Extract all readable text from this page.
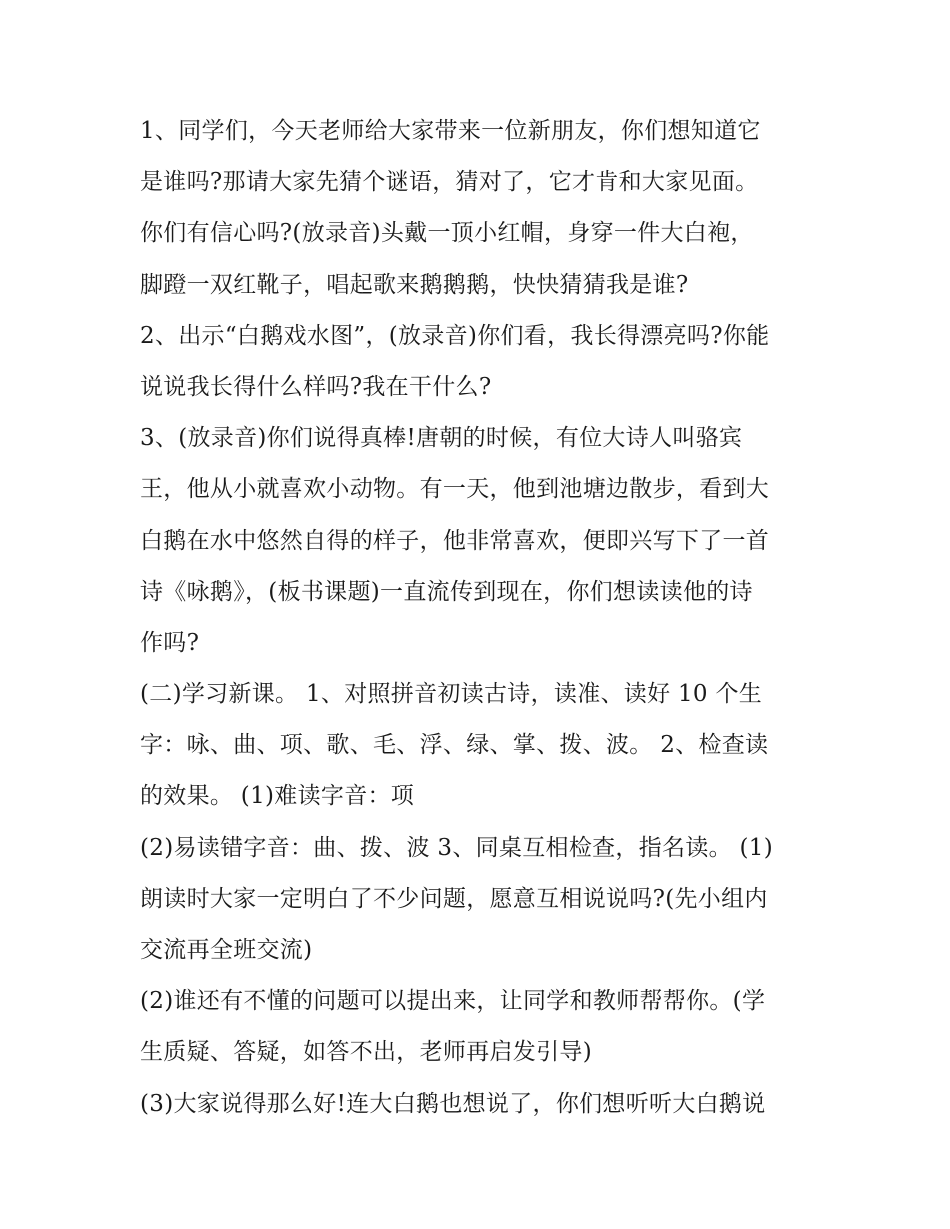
1、同学们，今天老师给大家带来一位新朋友，你们想知道它
是谁吗?那请大家先猜个谜语，猜对了，它才肯和大家见面。
你们有信心吗?(放录音)头戴一顶小红帽，身穿一件大白袍，
脚蹬一双红靴子，唱起歌来鹅鹅鹅，快快猜猜我是谁?
2、出示“白鹅戏水图”，(放录音)你们看，我长得漂亮吗?你能
说说我长得什么样吗?我在干什么?
3、(放录音)你们说得真棒!唐朝的时候，有位大诗人叫骆宾
王，他从小就喜欢小动物。有一天，他到池塘边散步，看到大
白鹅在水中悠然自得的样子，他非常喜欢，便即兴写下了一首
诗《咏鹅》，(板书课题)一直流传到现在，你们想读读他的诗
作吗?
(二)学习新课。 1、对照拼音初读古诗，读准、读好 10 个生
字：咏、曲、项、歌、毛、浮、绿、掌、拨、波。 2、检查读
的效果。 (1)难读字音：项
(2)易读错字音：曲、拨、波 3、同桌互相检查，指名读。 (1)
朗读时大家一定明白了不少问题，愿意互相说说吗?(先小组内
交流再全班交流)
(2)谁还有不懂的问题可以提出来，让同学和教师帮帮你。(学
生质疑、答疑，如答不出，老师再启发引导)
(3)大家说得那么好!连大白鹅也想说了，你们想听听大白鹅说
